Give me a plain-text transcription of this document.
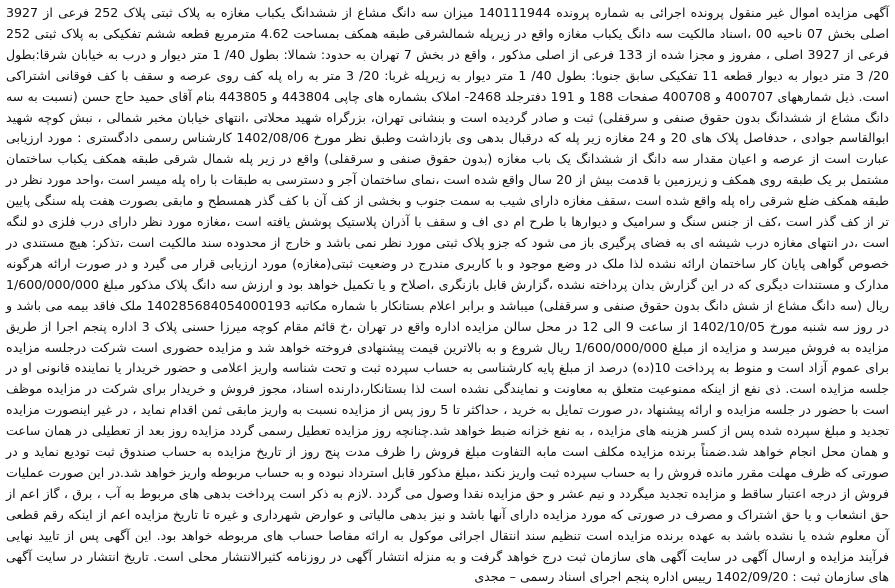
آگهی مزایده اموال غیر منقول پرونده اجرائی به شماره پرونده 140111944 میزان سه دانگ مشاع از ششدانگ یکباب مغازه به پلاک ثبتی پلاک 252 فرعی از 3927 اصلی بخش 07 ناحیه 00 ،اسناد مالکیت سه دانگ یکباب مغازه واقع در زیرپله شمالشرقی طبقه همکف بمساحت 4.62 مترمربع قطعه ششم تفکیکی به پلاک ثبتی 252 فرعی از 3927 اصلی ، مفروز و مجزا شده از 133 فرعی از اصلی مذکور ، واقع در بخش 7 تهران به حدود: شمالا: بطول 40/ 1 متر دیوار و درب به خیابان شرقا:بطول 20/ 3 متر دیوار به دیوار قطعه 11 تفکیکی سابق جنوبا: بطول 40/ 1 متر دیوار به زیرپله غربا: 20/ 3 متر به راه پله کف روی عرصه و سقف با کف فوقانی اشتراکی است. ذیل شمارههای 400707 و 400708 صفحات 188 و 191 دفترجلد 2468- املاک بشماره های چاپی 443804 و 443805 بنام آقای حمید حاج حسن (نسبت به سه دانگ مشاع از ششدانگ بدون حقوق صنفی و سرقفلی) ثبت و صادر گردیده است و بنشانی تهران، بزرگراه شهید محلاتی ،انتهای خیابان مخبر شمالی ، نبش کوچه شهید ابوالقاسم جوادی ، حدفاصل پلاک های 20 و 24 مغازه زیر پله که درقبال بدهی وی بازداشت وطبق نظر مورخ 1402/08/06 کارشناس رسمی دادگستری : مورد ارزیابی عبارت است از عرصه و اعیان مقدار سه دانگ از ششدانگ یک باب مغازه (بدون حقوق صنفی و سرقفلی) واقع در زیر پله شمال شرقی طبقه همکف یکباب ساختمان مشتمل بر یک طبقه روی همکف و زیرزمین با قدمت بیش از 20 سال واقع شده است ،نمای ساختمان آجر و دسترسی به طبقات با راه پله میسر است ،واحد مورد نظر در طبقه همکف ضلع شرقی راه پله واقع شده است ،سقف مغازه دارای شیب به سمت جنوب و بخشی از کف آن با کف گذر همسطح و مابقی بصورت هفت پله سنگی پایین تر از کف گذر است ،کف از جنس سنگ و سرامیک و دیوارها با طرح ام دی اف و سقف با آذران پلاستیک پوشش یافته است ،مغازه مورد نظر دارای درب فلزی دو لنگه است ،در انتهای مغازه درب شیشه ای به فضای پرگیری باز می شود که جزو پلاک ثبتی مورد نظر نمی باشد و خارج از محدوده سند مالکیت است ،تذکر: هیچ مستندی در خصوص گواهی پایان کار ساختمان ارائه نشده لذا ملک در وضع موجود و با کاربری مندرج در وضعیت ثبتی(مغازه) مورد ارزیابی قرار می گیرد و در صورت ارائه هرگونه مدارک و مستندات دیگری که در این گزارش بدان پرداخته نشده ،گزارش قابل بازنگری ،اصلاح و یا تکمیل خواهد بود و ارزش سه دانگ پلاک مذکور مبلغ 1/600/000/000 ریال (سه دانگ مشاع از شش دانگ بدون حقوق صنفی و سرقفلی) میباشد و برابر اعلام بستانکار با شماره مکاتبه 140285684054000193 ملک فاقد بیمه می باشد و در روز سه شنبه مورخ 1402/10/05 از ساعت 9 الی 12 در محل سالن مزایده اداره واقع در تهران ،خ قائم مقام کوچه میرزا حسنی پلاک 3 اداره پنجم اجرا از طریق مزایده به فروش میرسد و مزایده از مبلغ 1/600/000/000 ریال شروع و به بالاترین قیمت پیشنهادی فروخته خواهد شد و مزایده حضوری است شرکت درجلسه مزایده برای عموم آزاد است و منوط به پرداخت 10(ده) درصد از مبلغ پایه کارشناسی به حساب سپرده ثبت و تحت شناسه واریز اعلامی و حضور خریدار یا نماینده قانونی او در جلسه مزایده است. ذی نفع از اینکه ممنوعیت متعلق به معاونت و نمایندگی نشده است لذا بستانکار،دارنده اسناد، مجوز فروش و خریدار برای شرکت در مزایده موظف است با حضور در جلسه مزایده و ارائه پیشنهاد ،در صورت تمایل به خرید ، حداکثر تا 5 روز پس از مزایده نسبت به واریز مابقی ثمن اقدام نماید ، در غیر اینصورت مزایده تجدید و مبلغ سپرده شده پس از کسر هزینه های مزایده ، به نفع خزانه ضبط خواهد شد.چنانچه روز مزایده تعطیل رسمی گردد مزایده روز بعد از تعطیلی در همان ساعت و همان محل انجام خواهد شد.ضمناً برنده مزایده مکلف است مابه التفاوت مبلغ فروش را ظرف مدت پنج روز از تاریخ مزایده به حساب صندوق ثبت تودیع نماید و در صورتی که ظرف مهلت مقرر مانده فروش را به حساب سپرده ثبت واریز نکند ،مبلغ مذکور قابل استرداد نبوده و به حساب مربوطه واریز خواهد شد.در این صورت عملیات فروش از درجه اعتبار ساقط و مزایده تجدید میگردد و نیم عشر و حق مزایده نقدا وصول می گردد .لازم به ذکر است پرداخت بدهی های مربوط به آب ، برق ، گاز اعم از حق انشعاب و یا حق اشتراک و مصرف در صورتی که مورد مزایده دارای آنها باشد و نیز بدهی مالیاتی و عوارض شهرداری و غیره تا تاریخ مزایده اعم از اینکه رقم قطعی آن معلوم شده یا نشده باشد به عهده برنده مزایده است تنظیم سند انتقال اجرائی موکول به ارائه مفاصا حساب های مربوطه خواهد بود. این آگهی پس از تایید نهایی فرآیند مزایده و ارسال آگهی در سایت آگهی های سازمان ثبت درج خواهد گرفت و به منزله انتشار آگهی در روزنامه کثیرالانتشار محلی است. تاریخ انتشار در سایت آگهی های سازمان ثبت : 1402/09/20 رییس اداره پنجم اجرای اسناد رسمی – مجدی
